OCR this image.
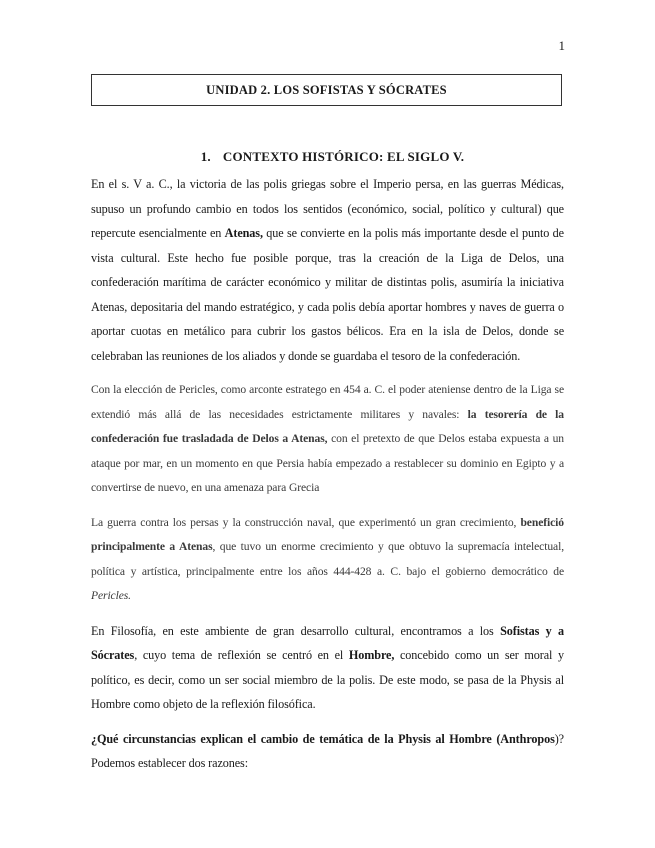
1
UNIDAD 2. LOS SOFISTAS Y SÓCRATES
1. CONTEXTO HISTÓRICO: EL SIGLO V.

En el s. V a. C., la victoria de las polis griegas sobre el Imperio persa, en las guerras Médicas, supuso un profundo cambio en todos los sentidos (económico, social, político y cultural) que repercute esencialmente en Atenas, que se convierte en la polis más importante desde el punto de vista cultural. Este hecho fue posible porque, tras la creación de la Liga de Delos, una confederación marítima de carácter económico y militar de distintas polis, asumiría la iniciativa Atenas, depositaria del mando estratégico, y cada polis debía aportar hombres y naves de guerra o aportar cuotas en metálico para cubrir los gastos bélicos. Era en la isla de Delos, donde se celebraban las reuniones de los aliados y donde se guardaba el tesoro de la confederación.

Con la elección de Pericles, como arconte estratego en 454 a. C. el poder ateniense dentro de la Liga se extendió más allá de las necesidades estrictamente militares y navales: la tesorería de la confederación fue trasladada de Delos a Atenas, con el pretexto de que Delos estaba expuesta a un ataque por mar, en un momento en que Persia había empezado a restablecer su dominio en Egipto y a convertirse de nuevo, en una amenaza para Grecia

La guerra contra los persas y la construcción naval, que experimentó un gran crecimiento, benefició principalmente a Atenas, que tuvo un enorme crecimiento y que obtuvo la supremacía intelectual, política y artística, principalmente entre los años 444-428 a. C. bajo el gobierno democrático de Pericles.

En Filosofía, en este ambiente de gran desarrollo cultural, encontramos a los Sofistas y a Sócrates, cuyo tema de reflexión se centró en el Hombre, concebido como un ser moral y político, es decir, como un ser social miembro de la polis. De este modo, se pasa de la Physis al Hombre como objeto de la reflexión filosófica.

¿Qué circunstancias explican el cambio de temática de la Physis al Hombre (Anthropos)? Podemos establecer dos razones:
